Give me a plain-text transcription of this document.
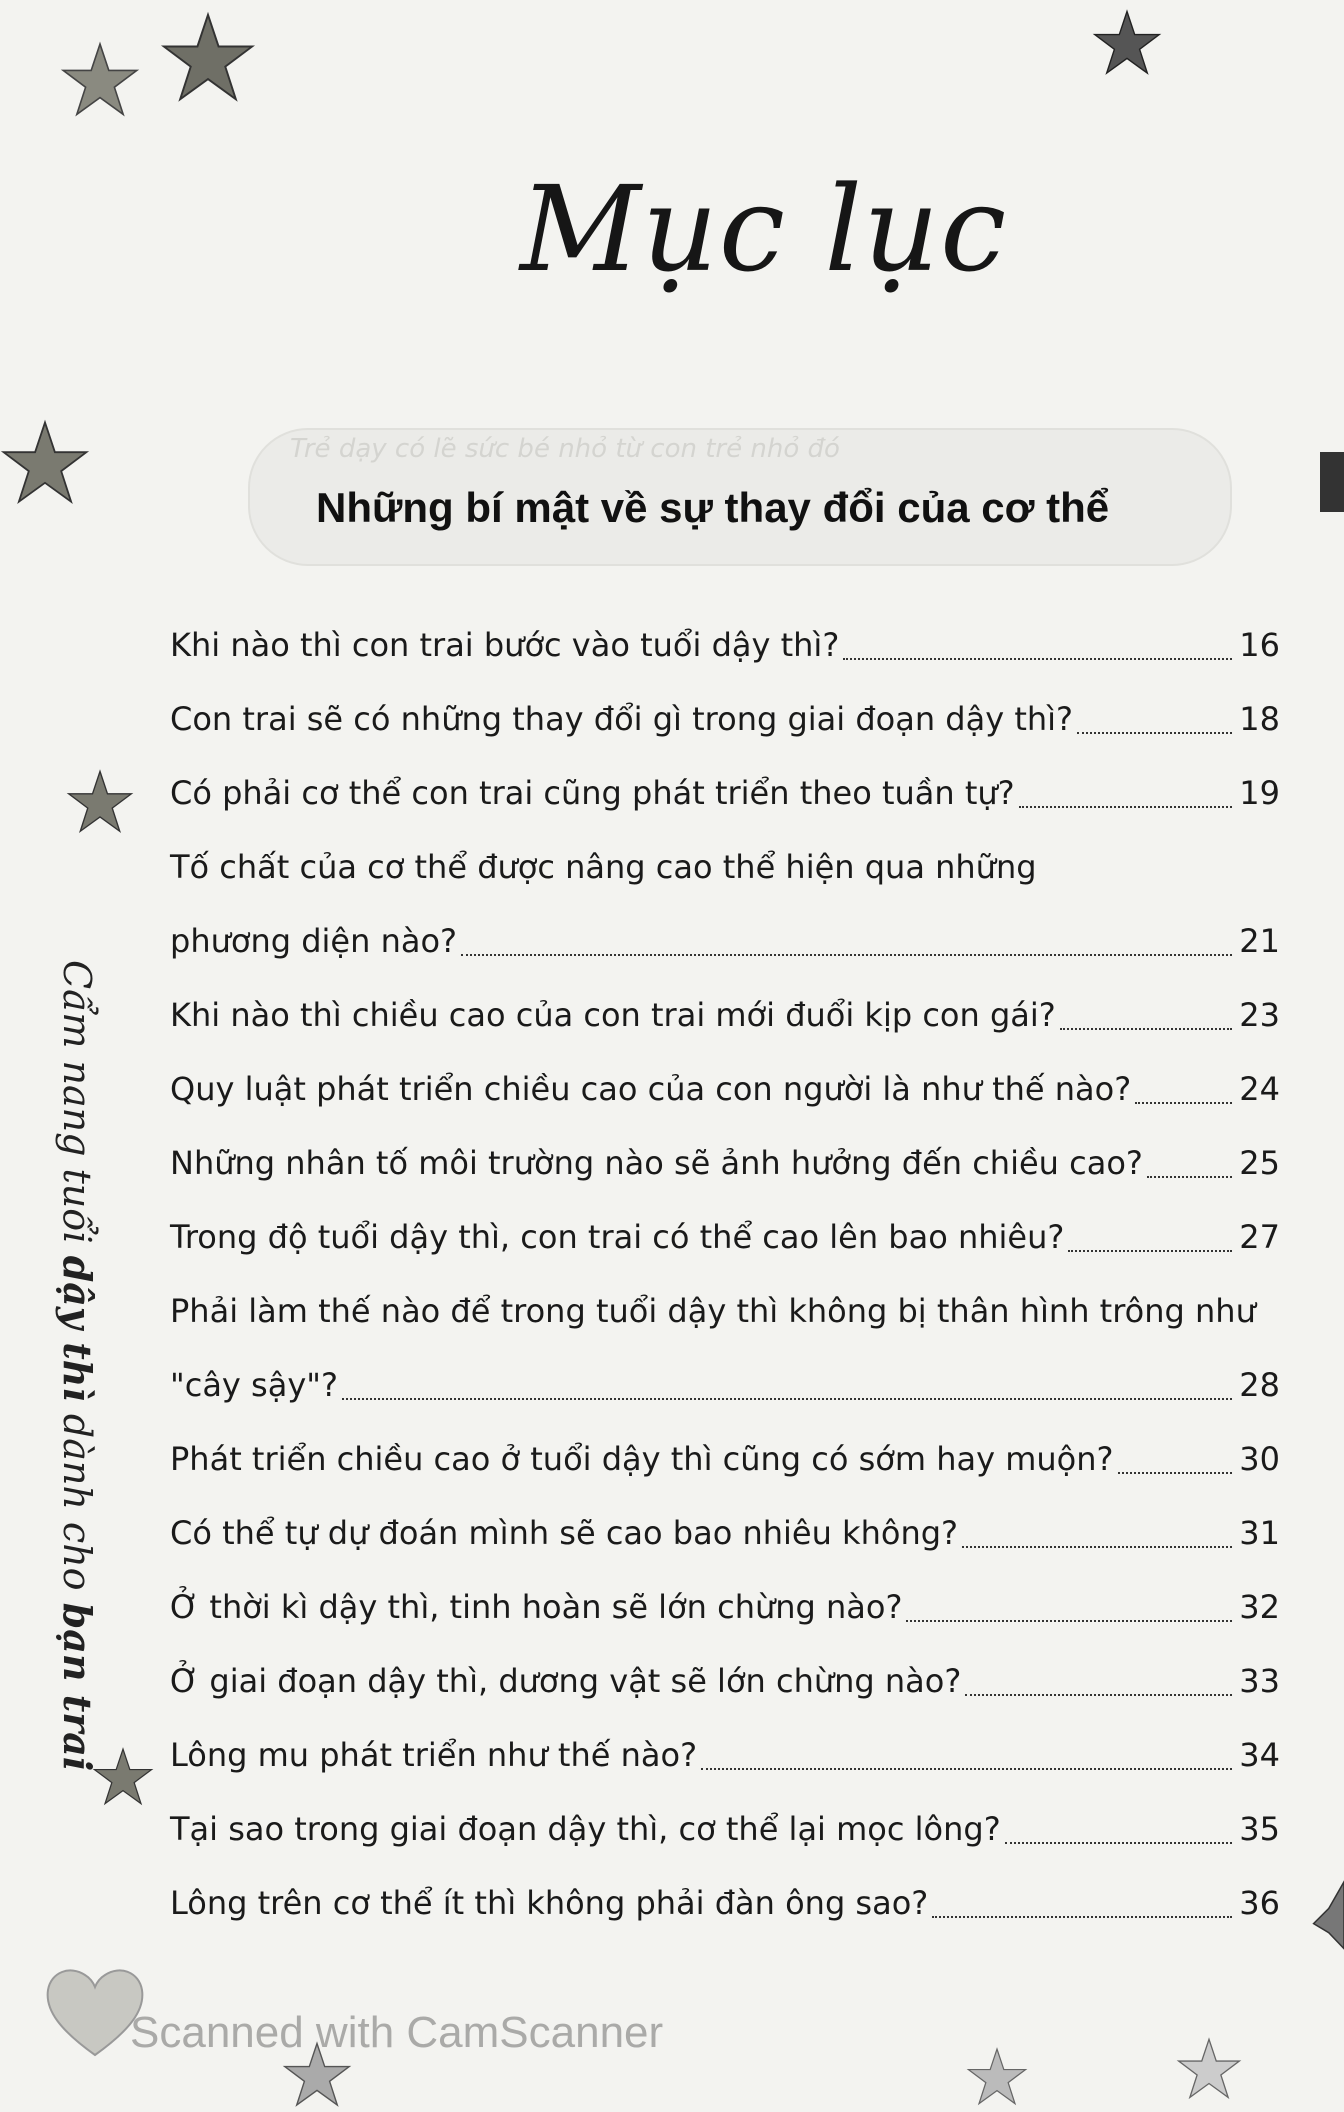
Mục lục
Trẻ dạy có lẽ sức bé nhỏ từ con trẻ nhỏ đó
Những bí mật về sự thay đổi của cơ thể
Khi nào thì con trai bước vào tuổi dậy thì?	16
Con trai sẽ có những thay đổi gì trong giai đoạn dậy thì?	18
Có phải cơ thể con trai cũng phát triển theo tuần tự?	19
Tố chất của cơ thể được nâng cao thể hiện qua những
phương diện nào?	21
Khi nào thì chiều cao của con trai mới đuổi kịp con gái?	23
Quy luật phát triển chiều cao của con người là như thế nào?	24
Những nhân tố môi trường nào sẽ ảnh hưởng đến chiều cao?	25
Trong độ tuổi dậy thì, con trai có thể cao lên bao nhiêu?	27
Phải làm thế nào để trong tuổi dậy thì không bị thân hình trông như
"cây sậy"?	28
Phát triển chiều cao ở tuổi dậy thì cũng có sớm hay muộn?	30
Có thể tự dự đoán mình sẽ cao bao nhiêu không?	31
Ở thời kì dậy thì, tinh hoàn sẽ lớn chừng nào?	32
Ở giai đoạn dậy thì, dương vật sẽ lớn chừng nào?	33
Lông mu phát triển như thế nào?	34
Tại sao trong giai đoạn dậy thì, cơ thể lại mọc lông?	35
Lông trên cơ thể ít thì không phải đàn ông sao?	36
Cẩm nang tuổi dậy thì dành cho bạn trai
Scanned with CamScanner
